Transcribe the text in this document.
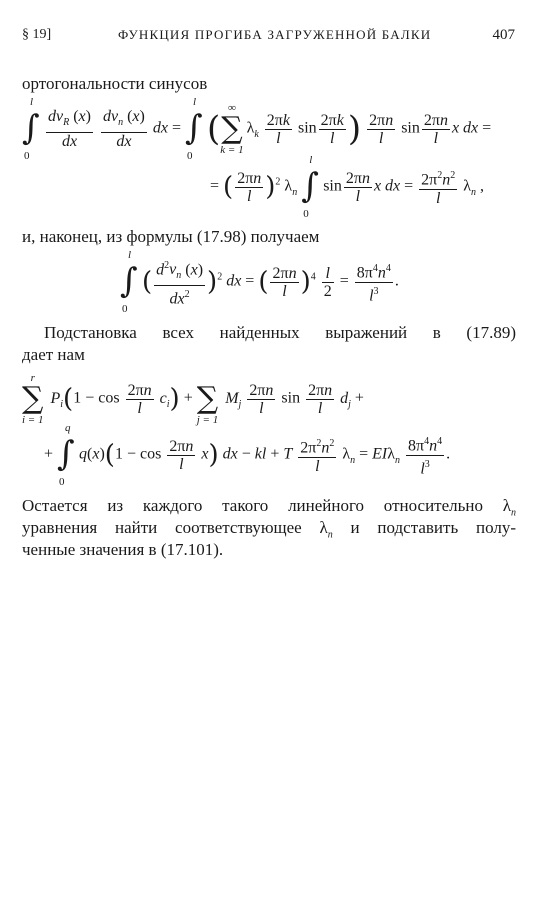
§ 19]	ФУНКЦИЯ ПРОГИБА ЗАГРУЖЕННОЙ БАЛКИ	407
ортогональности синусов
l
∫
0

$\frac{dv_R (x)}{dx}$
$\frac{dv_n (x)}{dx}$ dx =
l
∫
0
(
∞
∑
k = 1
$\lambda_k \frac{2\pi k}{l}$ $\sin \frac{2\pi k}{l}$ ) $\frac{2\pi n}{l}$ $\sin \frac{2\pi n}{l}$ x dx =
= ( $\frac{2\pi n}{l} )^2$ $\lambda_n$
l
∫
0
$\sin \frac{2\pi n}{l}$ x dx = $\frac{2\pi^2n^2}{l} \lambda_n$ ,
и, наконец, из формулы (17.98) получаем
l
∫
0
( $\frac{d^2v_n (x)}{dx^2} )^2$ dx = ( $\frac{2\pi n}{l} )^4 \frac{l}{2} = \frac{8\pi^4n^4}{l^3}$ .
Подстановка всех найденных выражений в (17.89)
дает нам
r
∑
i = 1
$P_i(1 - \cos \frac{2\pi n}{l} c_i)$ +
∑
j = 1
$M_j \frac{2\pi n}{l}$ $\sin \frac{2\pi n}{l} d_j$ +
+
q
∫
0
$q(x)(1 - \cos \frac{2\pi n}{l} x)$ dx − kl + T $\frac{2\pi^2n^2}{l} \lambda_n = EI\lambda_n \frac{8\pi^4n^4}{l^3}$ .
Остается из каждого такого линейного относительно $\lambda_n$
уравнения найти соответствующее $\lambda_n$ и подставить полу-
ченные значения в (17.101).
